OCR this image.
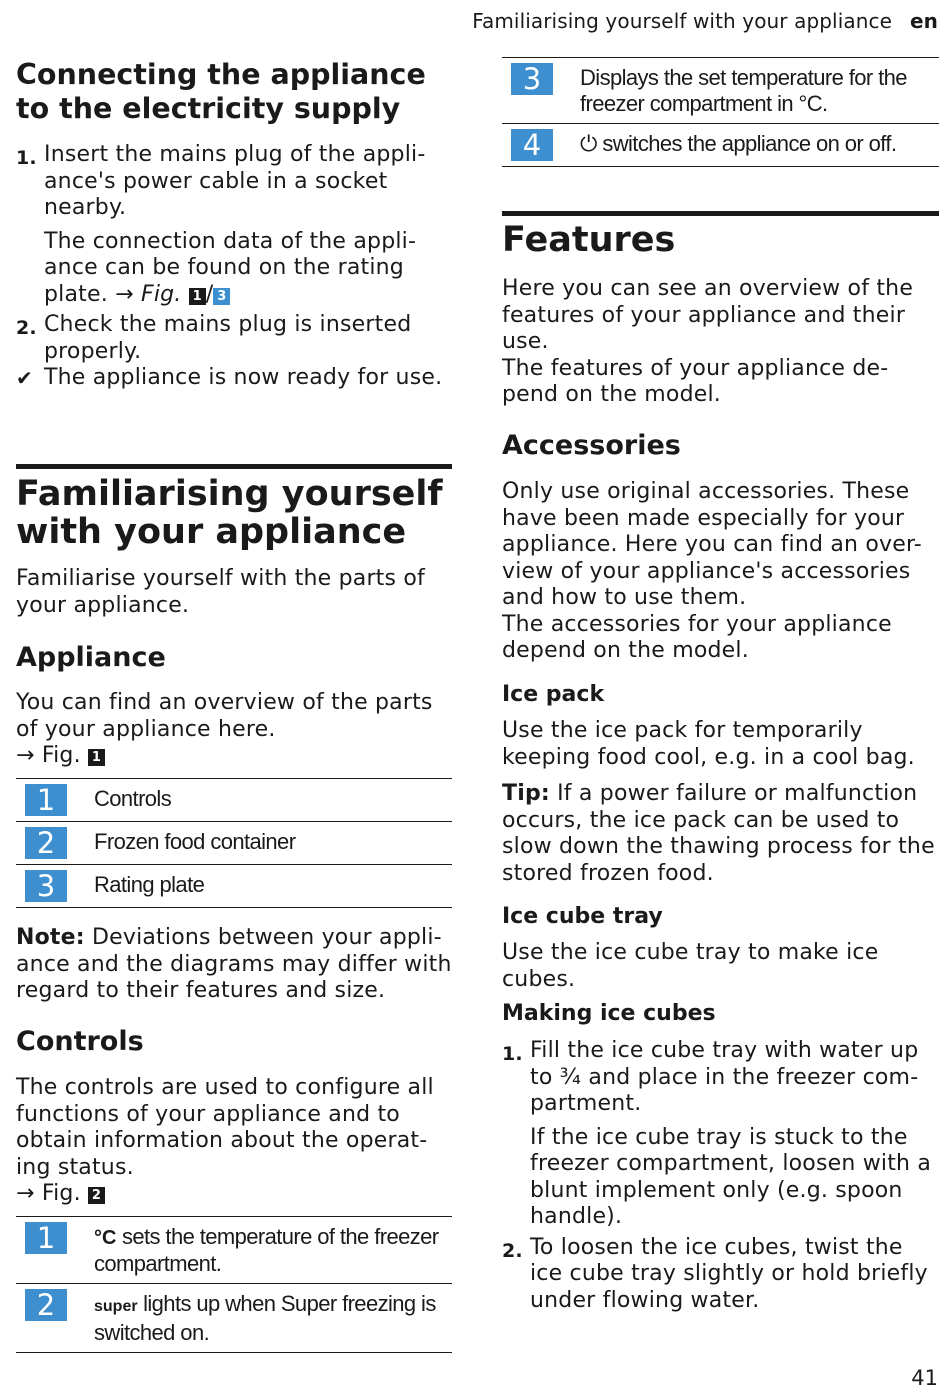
Familiarising yourself with your appliance en
Connecting the appliance to the electricity supply
1. Insert the mains plug of the appli-ance's power cable in a socket nearby.
The connection data of the appli-ance can be found on the rating plate. → Fig. 1 / 3
2. Check the mains plug is inserted properly.
✔ The appliance is now ready for use.
Familiarising yourself with your appliance
Familiarise yourself with the parts of your appliance.
Appliance
You can find an overview of the parts of your appliance here.
→ Fig. 1
1	Controls

2	Frozen food container

3	Rating plate
Note: Deviations between your appli-ance and the diagrams may differ with regard to their features and size.
Controls
The controls are used to configure all functions of your appliance and to obtain information about the operat-ing status.
→ Fig. 2
1	°C sets the temperature of the freezer compartment.

2	super lights up when Super freezing is switched on.
3	Displays the set temperature for the freezer compartment in °C.

4	⏻ switches the appliance on or off.
Features
Here you can see an overview of the features of your appliance and their use.
The features of your appliance de-pend on the model.
Accessories
Only use original accessories. These have been made especially for your appliance. Here you can find an over-view of your appliance's accessories and how to use them.
The accessories for your appliance depend on the model.
Ice pack
Use the ice pack for temporarily keeping food cool, e.g. in a cool bag.
Tip: If a power failure or malfunction occurs, the ice pack can be used to slow down the thawing process for the stored frozen food.
Ice cube tray
Use the ice cube tray to make ice cubes.
Making ice cubes
1. Fill the ice cube tray with water up to ¾ and place in the freezer com-partment.
If the ice cube tray is stuck to the freezer compartment, loosen with a blunt implement only (e.g. spoon handle).
2. To loosen the ice cubes, twist the ice cube tray slightly or hold briefly under flowing water.
41
